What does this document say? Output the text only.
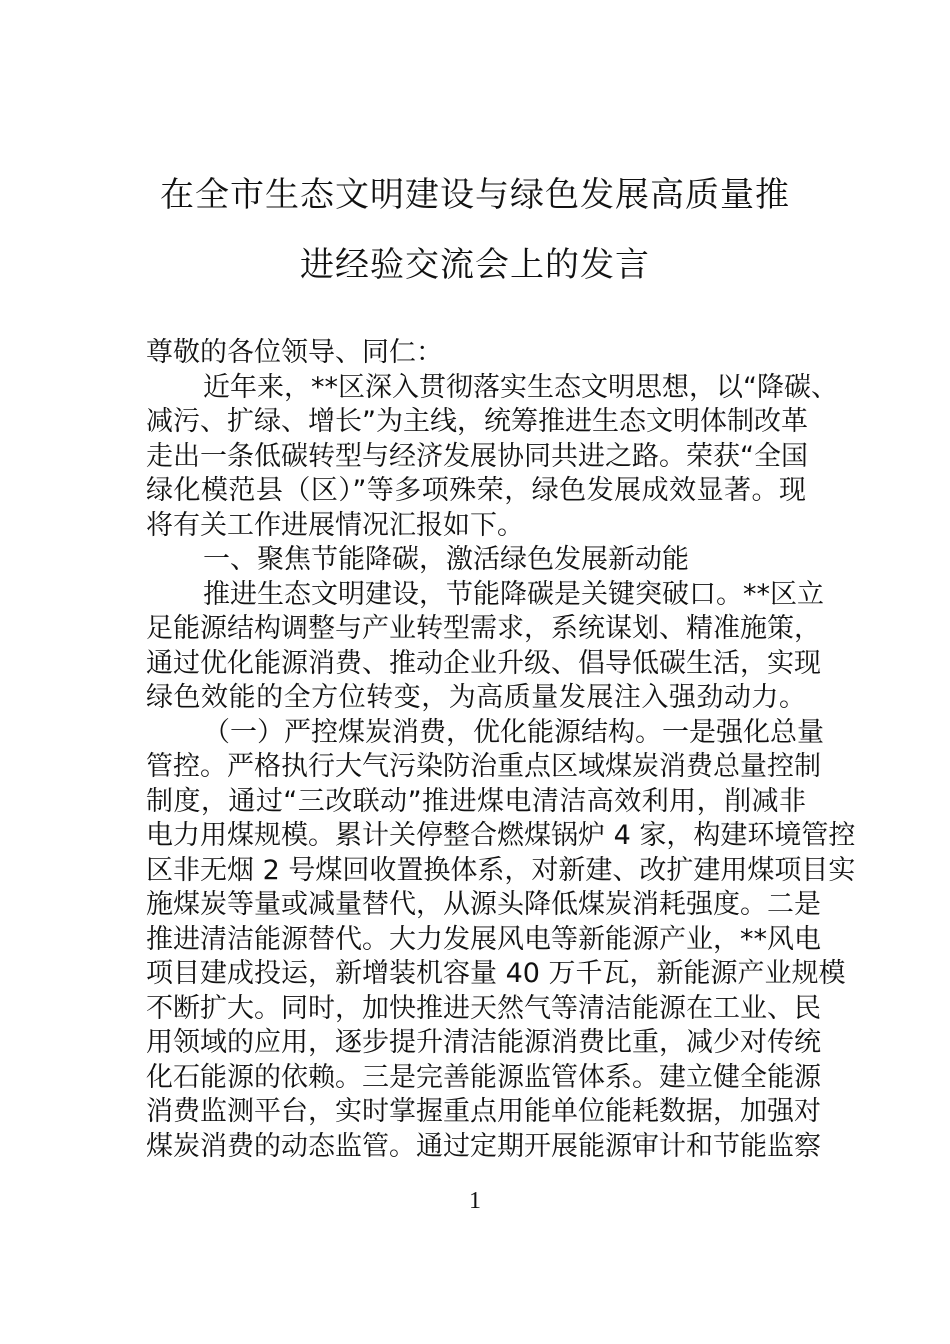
在全市生态文明建设与绿色发展高质量推
进经验交流会上的发言
尊敬的各位领导、同仁：
近年来，**区深入贯彻落实生态文明思想，以“降碳、
减污、扩绿、增长”为主线，统筹推进生态文明体制改革
走出一条低碳转型与经济发展协同共进之路。荣获“全国
绿化模范县（区）”等多项殊荣，绿色发展成效显著。现
将有关工作进展情况汇报如下。
一、聚焦节能降碳，激活绿色发展新动能
推进生态文明建设，节能降碳是关键突破口。**区立
足能源结构调整与产业转型需求，系统谋划、精准施策，
通过优化能源消费、推动企业升级、倡导低碳生活，实现
绿色效能的全方位转变，为高质量发展注入强劲动力。
（一）严控煤炭消费，优化能源结构。一是强化总量
管控。严格执行大气污染防治重点区域煤炭消费总量控制
制度，通过“三改联动”推进煤电清洁高效利用，削减非
电力用煤规模。累计关停整合燃煤锅炉 4 家，构建环境管控
区非无烟 2 号煤回收置换体系，对新建、改扩建用煤项目实
施煤炭等量或减量替代，从源头降低煤炭消耗强度。二是
推进清洁能源替代。大力发展风电等新能源产业，**风电
项目建成投运，新增装机容量 40 万千瓦，新能源产业规模
不断扩大。同时，加快推进天然气等清洁能源在工业、民
用领域的应用，逐步提升清洁能源消费比重，减少对传统
化石能源的依赖。三是完善能源监管体系。建立健全能源
消费监测平台，实时掌握重点用能单位能耗数据，加强对
煤炭消费的动态监管。通过定期开展能源审计和节能监察
1
